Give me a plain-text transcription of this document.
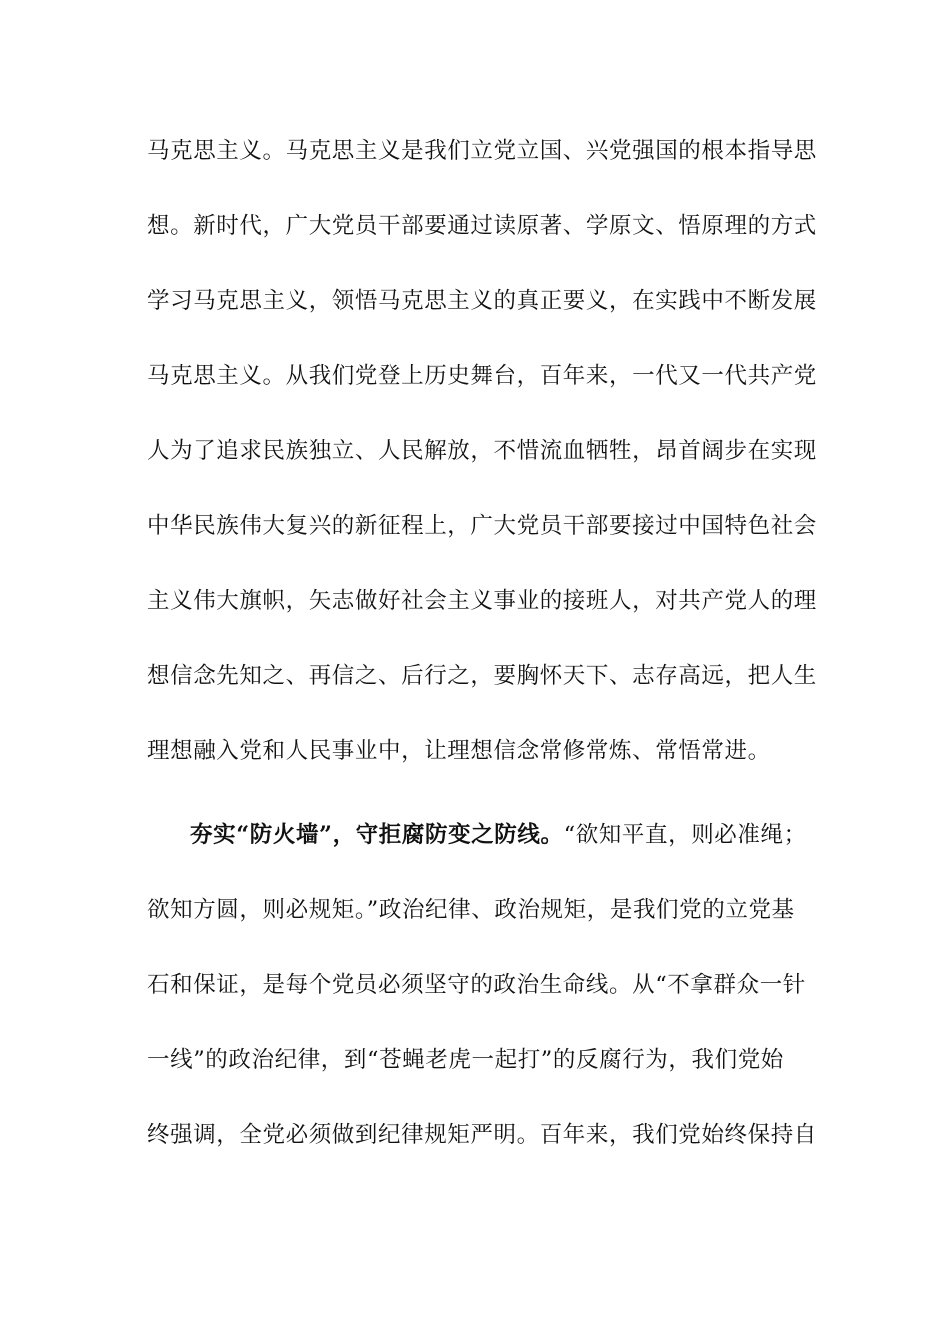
马克思主义。马克思主义是我们立党立国、兴党强国的根本指导思
想。新时代，广大党员干部要通过读原著、学原文、悟原理的方式
学习马克思主义，领悟马克思主义的真正要义，在实践中不断发展
马克思主义。从我们党登上历史舞台，百年来，一代又一代共产党
人为了追求民族独立、人民解放，不惜流血牺牲，昂首阔步在实现
中华民族伟大复兴的新征程上，广大党员干部要接过中国特色社会
主义伟大旗帜，矢志做好社会主义事业的接班人，对共产党人的理
想信念先知之、再信之、后行之，要胸怀天下、志存高远，把人生
理想融入党和人民事业中，让理想信念常修常炼、常悟常进。
夯实“防火墙”，守拒腐防变之防线。“欲知平直，则必准绳；
欲知方圆，则必规矩。”政治纪律、政治规矩，是我们党的立党基
石和保证，是每个党员必须坚守的政治生命线。从“不拿群众一针
一线”的政治纪律，到“苍蝇老虎一起打”的反腐行为，我们党始
终强调，全党必须做到纪律规矩严明。百年来，我们党始终保持自
